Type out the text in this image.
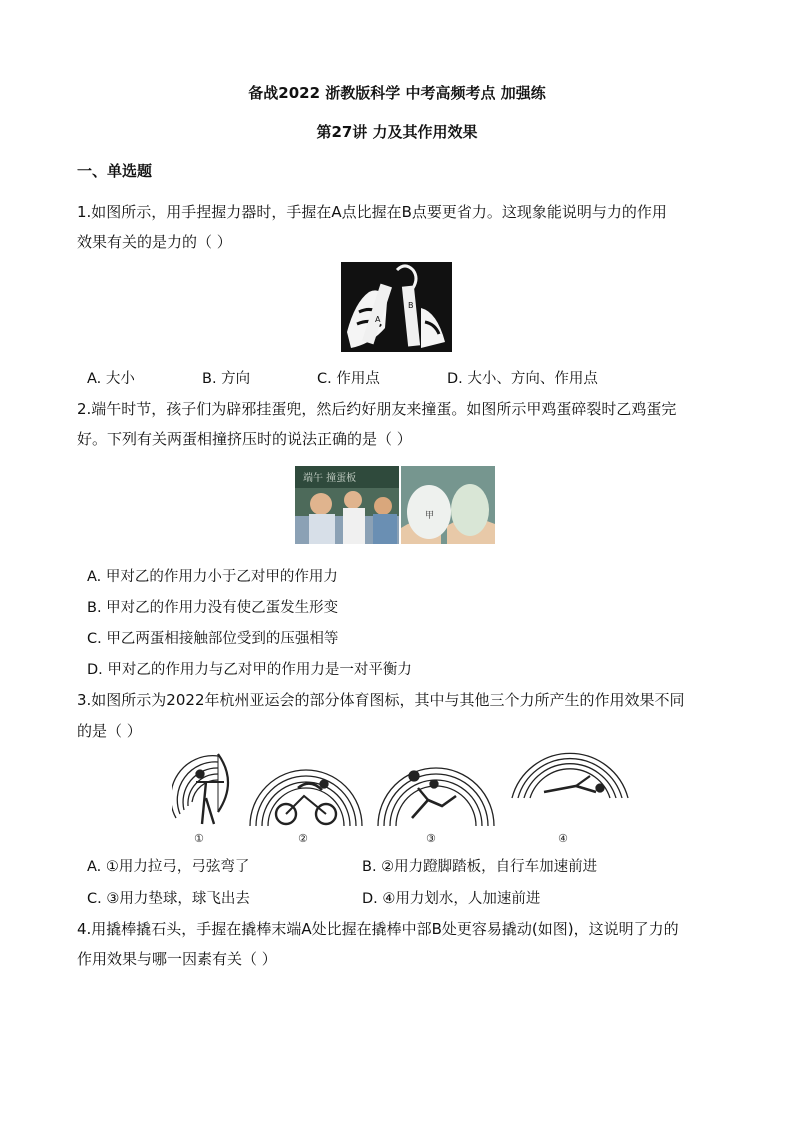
备战2022 浙教版科学 中考高频考点 加强练
第27讲 力及其作用效果
一、单选题
1.如图所示，用手捏握力器时，手握在A点比握在B点要更省力。这现象能说明与力的作用
效果有关的是力的（ ）
A
B
A. 大小	B. 方向	C. 作用点	D. 大小、方向、作用点
2.端午时节，孩子们为辟邪挂蛋兜，然后约好朋友来撞蛋。如图所示甲鸡蛋碎裂时乙鸡蛋完
好。下列有关两蛋相撞挤压时的说法正确的是（ ）
端午 撞蛋板
甲
A. 甲对乙的作用力小于乙对甲的作用力
B. 甲对乙的作用力没有使乙蛋发生形变
C. 甲乙两蛋相接触部位受到的压强相等
D. 甲对乙的作用力与乙对甲的作用力是一对平衡力
3.如图所示为2022年杭州亚运会的部分体育图标，其中与其他三个力所产生的作用效果不同
的是（ ）
①	②	③	④
A. ①用力拉弓，弓弦弯了	B. ②用力蹬脚踏板，自行车加速前进
C. ③用力垫球，球飞出去	D. ④用力划水，人加速前进
4.用撬棒撬石头，手握在撬棒末端A处比握在撬棒中部B处更容易撬动(如图)，这说明了力的
作用效果与哪一因素有关（ ）
